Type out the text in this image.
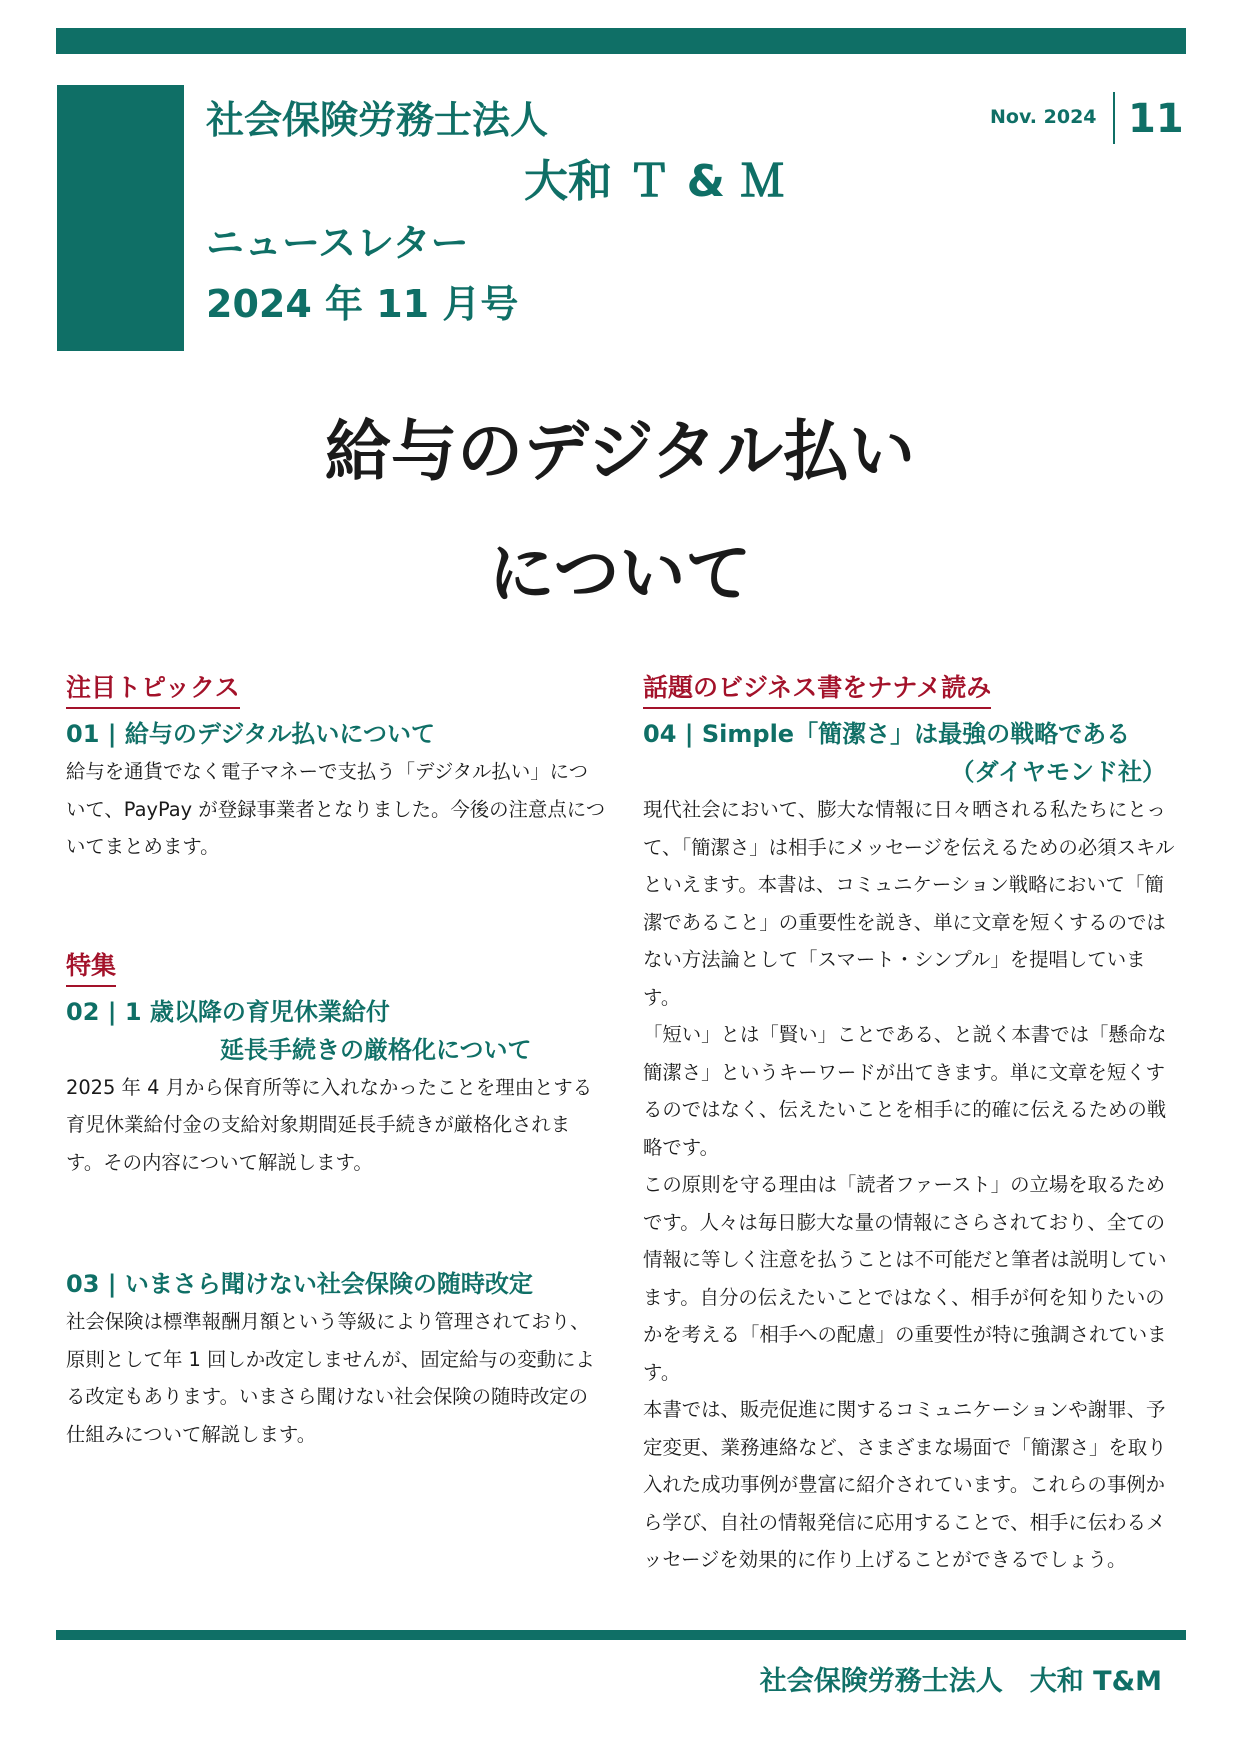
社会保険労務士法人
大和 Ｔ & Ｍ
ニュースレター
2024 年 11 月号
Nov. 2024 11
給与のデジタル払い
について
注目トピックス
01 | 給与のデジタル払いについて

給与を通貨でなく電子マネーで支払う「デジタル払い」について、PayPay が登録事業者となりました。今後の注意点についてまとめます。

特集
02 | 1 歳以降の育児休業給付
延長手続きの厳格化について

2025 年 4 月から保育所等に入れなかったことを理由とする育児休業給付金の支給対象期間延長手続きが厳格化されます。その内容について解説します。

03 | いまさら聞けない社会保険の随時改定

社会保険は標準報酬月額という等級により管理されており、原則として年 1 回しか改定しませんが、固定給与の変動による改定もあります。いまさら聞けない社会保険の随時改定の仕組みについて解説します。

話題のビジネス書をナナメ読み
04 | Simple「簡潔さ」は最強の戦略である
（ダイヤモンド社）

現代社会において、膨大な情報に日々晒される私たちにとって、「簡潔さ」は相手にメッセージを伝えるための必須スキルといえます。本書は、コミュニケーション戦略において「簡潔であること」の重要性を説き、単に文章を短くするのではない方法論として「スマート・シンプル」を提唱しています。

「短い」とは「賢い」ことである、と説く本書では「懸命な簡潔さ」というキーワードが出てきます。単に文章を短くするのではなく、伝えたいことを相手に的確に伝えるための戦略です。

この原則を守る理由は「読者ファースト」の立場を取るためです。人々は毎日膨大な量の情報にさらされており、全ての情報に等しく注意を払うことは不可能だと筆者は説明しています。自分の伝えたいことではなく、相手が何を知りたいのかを考える「相手への配慮」の重要性が特に強調されています。

本書では、販売促進に関するコミュニケーションや謝罪、予定変更、業務連絡など、さまざまな場面で「簡潔さ」を取り入れた成功事例が豊富に紹介されています。これらの事例から学び、自社の情報発信に応用することで、相手に伝わるメッセージを効果的に作り上げることができるでしょう。

社会保険労務士法人　大和 T&M
